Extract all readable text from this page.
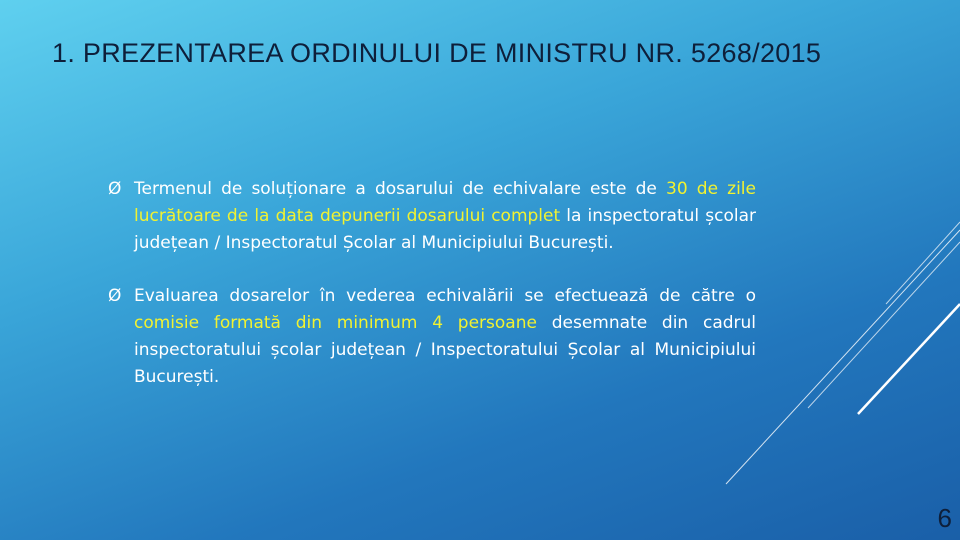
1. PREZENTAREA ORDINULUI DE MINISTRU NR. 5268/2015
Ø Termenul de soluționare a dosarului de echivalare este de 30 de zile lucrătoare de la data depunerii dosarului complet la inspectoratul școlar județean / Inspectoratul Școlar al Municipiului București.
Ø Evaluarea dosarelor în vederea echivalării se efectuează de către o comisie formată din minimum 4 persoane desemnate din cadrul inspectoratului școlar județean / Inspectoratului Școlar al Municipiului București.
6
